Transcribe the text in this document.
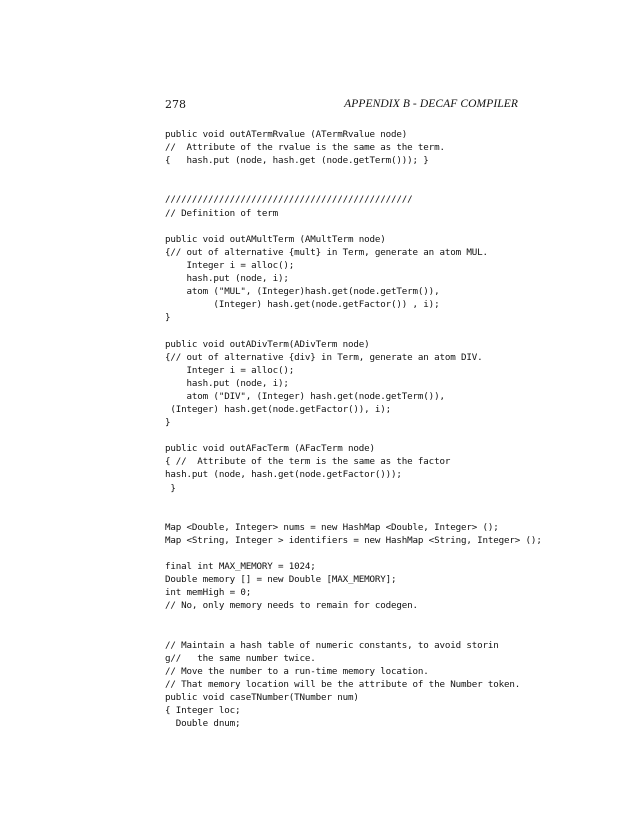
278	APPENDIX B - DECAF COMPILER
public void outATermRvalue (ATermRvalue node)
//  Attribute of the rvalue is the same as the term.
{   hash.put (node, hash.get (node.getTerm())); }
//////////////////////////////////////////////
// Definition of term
public void outAMultTerm (AMultTerm node)
{// out of alternative {mult} in Term, generate an atom MUL.
Integer i = alloc();
hash.put (node, i);
atom ("MUL", (Integer)hash.get(node.getTerm()),
(Integer) hash.get(node.getFactor()) , i);
}
public void outADivTerm(ADivTerm node)
{// out of alternative {div} in Term, generate an atom DIV.
Integer i = alloc();
hash.put (node, i);
atom ("DIV", (Integer) hash.get(node.getTerm()),
(Integer) hash.get(node.getFactor()), i);
}
public void outAFacTerm (AFacTerm node)
{ //  Attribute of the term is the same as the factor
hash.put (node, hash.get(node.getFactor()));
}
Map <Double, Integer> nums = new HashMap <Double, Integer> ();
Map <String, Integer > identifiers = new HashMap <String, Integer> ();
final int MAX_MEMORY = 1024;
Double memory [] = new Double [MAX_MEMORY];
int memHigh = 0;
// No, only memory needs to remain for codegen.
// Maintain a hash table of numeric constants, to avoid storin
g//   the same number twice.
// Move the number to a run-time memory location.
// That memory location will be the attribute of the Number token.
public void caseTNumber(TNumber num)
{ Integer loc;
Double dnum;
